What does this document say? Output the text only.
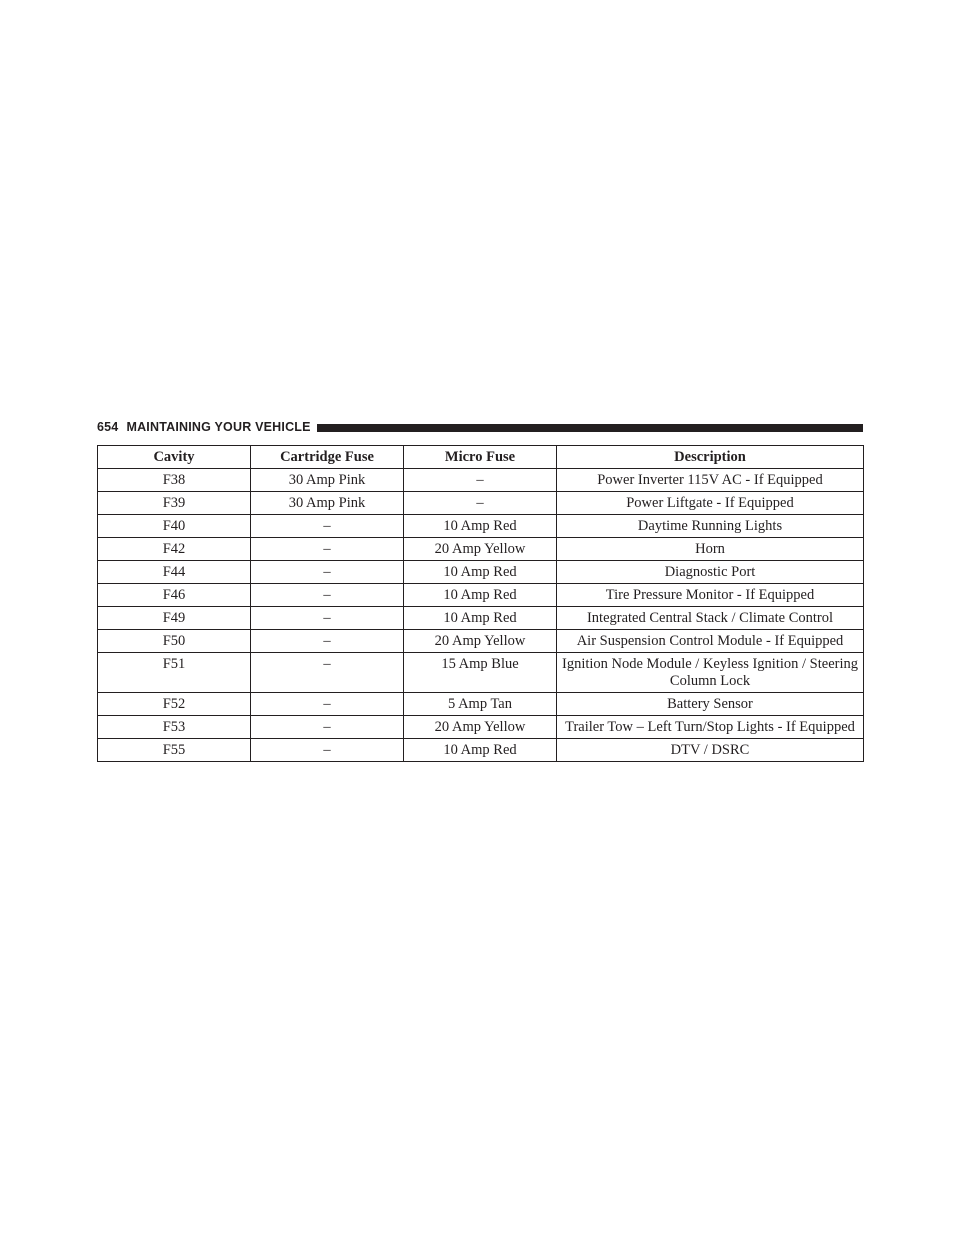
654 MAINTAINING YOUR VEHICLE
Cavity	Cartridge Fuse	Micro Fuse	Description
F38	30 Amp Pink	–	Power Inverter 115V AC - If Equipped
F39	30 Amp Pink	–	Power Liftgate - If Equipped
F40	–	10 Amp Red	Daytime Running Lights
F42	–	20 Amp Yellow	Horn
F44	–	10 Amp Red	Diagnostic Port
F46	–	10 Amp Red	Tire Pressure Monitor - If Equipped
F49	–	10 Amp Red	Integrated Central Stack / Climate Control
F50	–	20 Amp Yellow	Air Suspension Control Module - If Equipped
F51	–	15 Amp Blue	Ignition Node Module / Keyless Ignition / Steering Column Lock
F52	–	5 Amp Tan	Battery Sensor
F53	–	20 Amp Yellow	Trailer Tow – Left Turn/Stop Lights - If Equipped
F55	–	10 Amp Red	DTV / DSRC
